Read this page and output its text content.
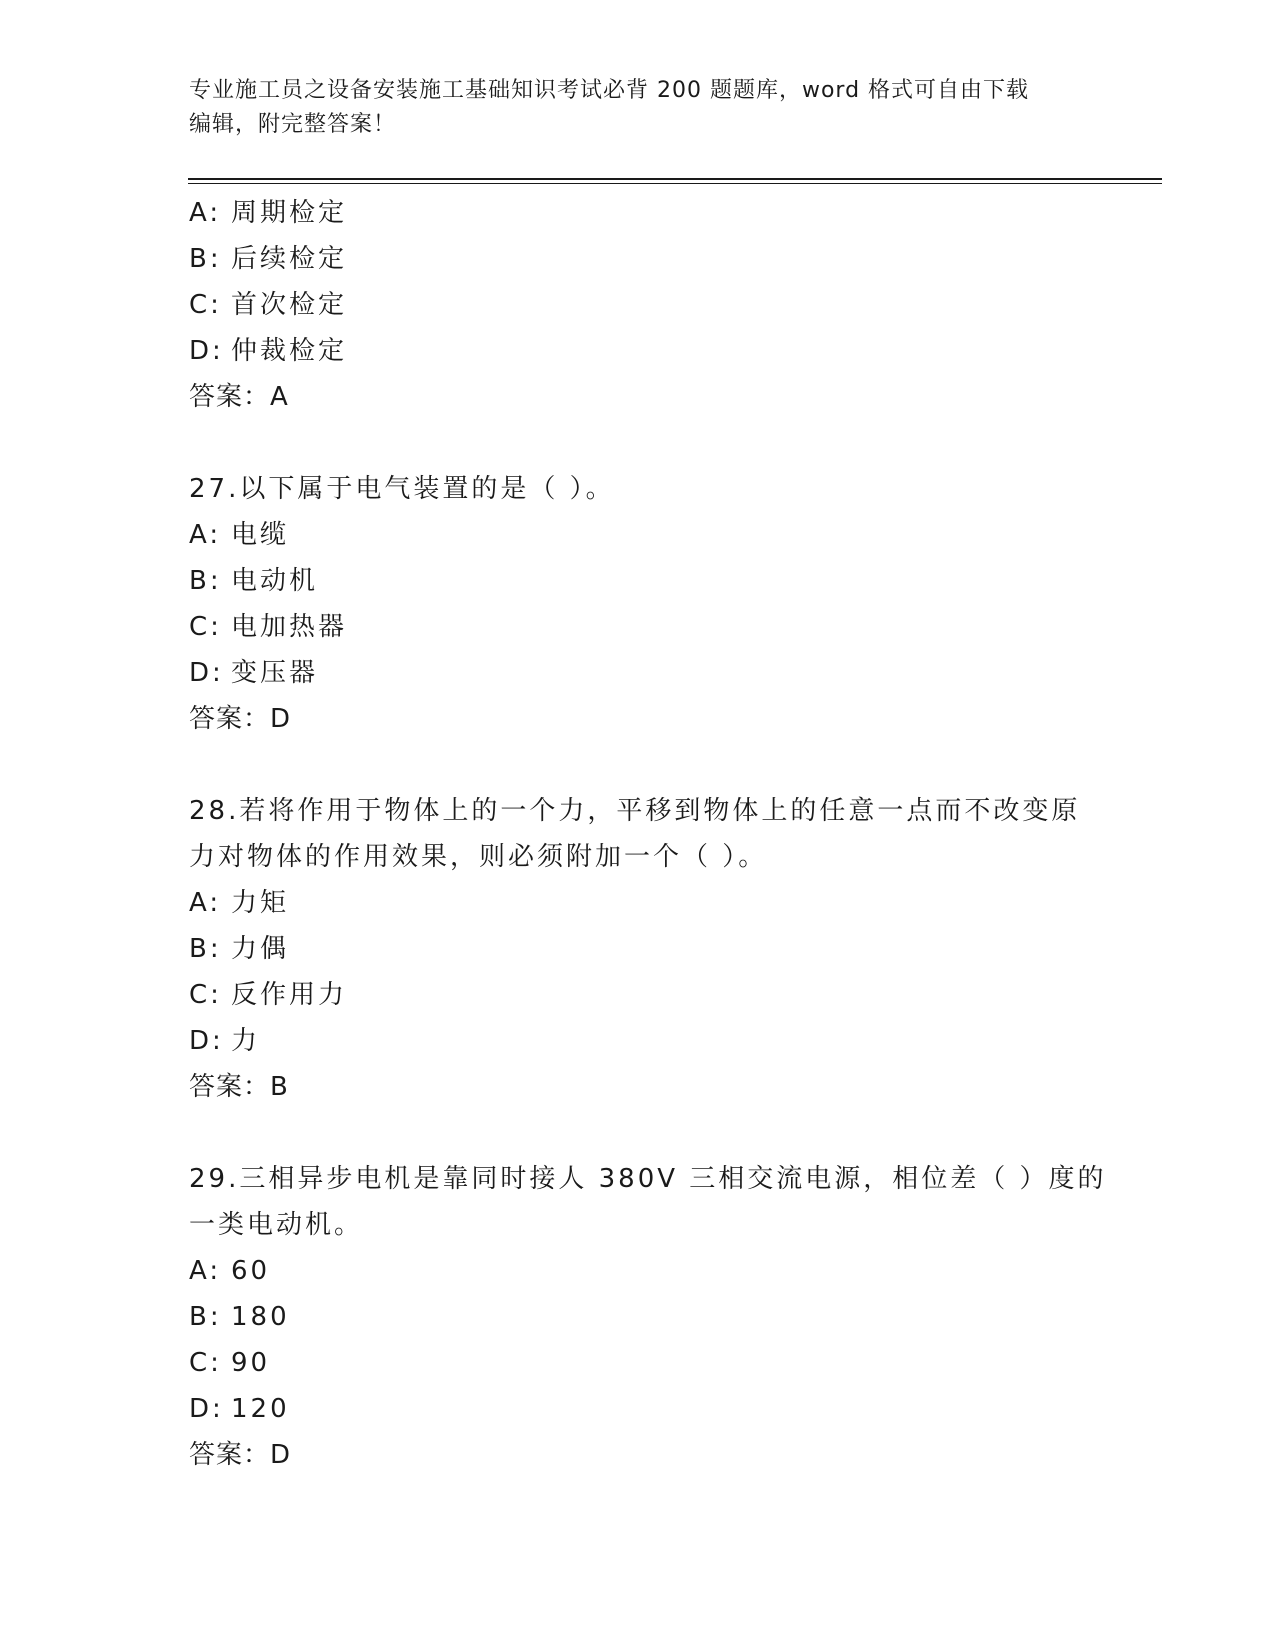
专业施工员之设备安装施工基础知识考试必背 200 题题库，word 格式可自由下载
编辑，附完整答案！
A: 周期检定
B: 后续检定
C: 首次检定
D: 仲裁检定
答案：A
27.以下属于电气装置的是（ ）。
A: 电缆
B: 电动机
C: 电加热器
D: 变压器
答案：D
28.若将作用于物体上的一个力，平移到物体上的任意一点而不改变原
力对物体的作用效果，则必须附加一个（ ）。
A: 力矩
B: 力偶
C: 反作用力
D: 力
答案：B
29.三相异步电机是靠同时接人 380V 三相交流电源，相位差（ ）度的
一类电动机。
A: 60
B: 180
C: 90
D: 120
答案：D
